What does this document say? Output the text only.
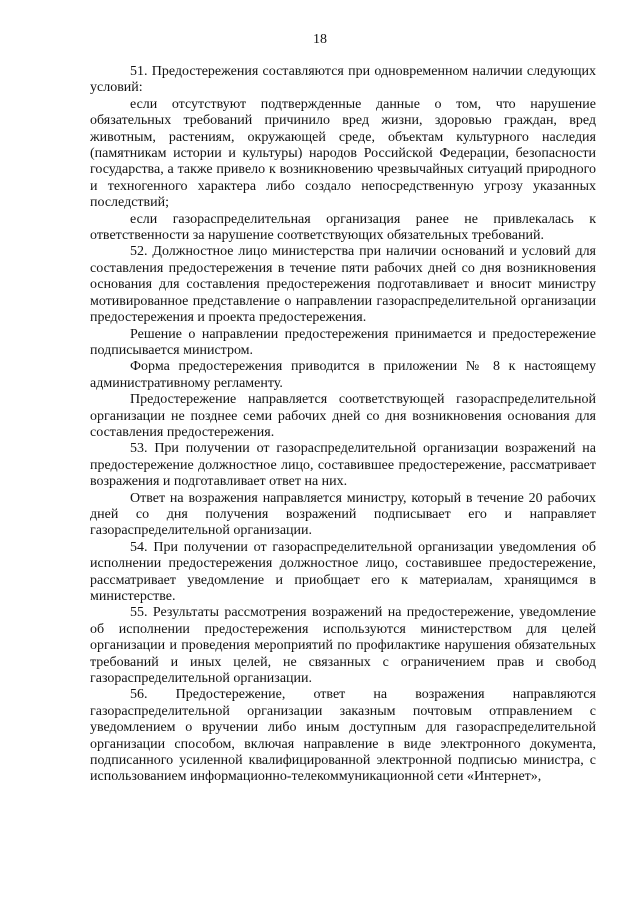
18

51. Предостережения составляются при одновременном наличии следующих условий:

если отсутствуют подтвержденные данные о том, что нарушение обязательных требований причинило вред жизни, здоровью граждан, вред животным, растениям, окружающей среде, объектам культурного наследия (памятникам истории и культуры) народов Российской Федерации, безопасности государства, а также привело к возникновению чрезвычайных ситуаций природного и техногенного характера либо создало непосредственную угрозу указанных последствий;

если газораспределительная организация ранее не привлекалась к ответственности за нарушение соответствующих обязательных требований.

52. Должностное лицо министерства при наличии оснований и условий для составления предостережения в течение пяти рабочих дней со дня возникновения основания для составления предостережения подготавливает и вносит министру мотивированное представление о направлении газораспределительной организации предостережения и проекта предостережения.

Решение о направлении предостережения принимается и предостережение подписывается министром.

Форма предостережения приводится в приложении № 8 к настоящему административному регламенту.

Предостережение направляется соответствующей газораспределительной организации не позднее семи рабочих дней со дня возникновения основания для составления предостережения.

53. При получении от газораспределительной организации возражений на предостережение должностное лицо, составившее предостережение, рассматривает возражения и подготавливает ответ на них.

Ответ на возражения направляется министру, который в течение 20 рабочих дней со дня получения возражений подписывает его и направляет газораспределительной организации.

54. При получении от газораспределительной организации уведомления об исполнении предостережения должностное лицо, составившее предостережение, рассматривает уведомление и приобщает его к материалам, хранящимся в министерстве.

55. Результаты рассмотрения возражений на предостережение, уведомление об исполнении предостережения используются министерством для целей организации и проведения мероприятий по профилактике нарушения обязательных требований и иных целей, не связанных с ограничением прав и свобод газораспределительной организации.

56. Предостережение, ответ на возражения направляются газораспределительной организации заказным почтовым отправлением с уведомлением о вручении либо иным доступным для газораспределительной организации способом, включая направление в виде электронного документа, подписанного усиленной квалифицированной электронной подписью министра, с использованием информационно-телекоммуникационной сети «Интернет»,
